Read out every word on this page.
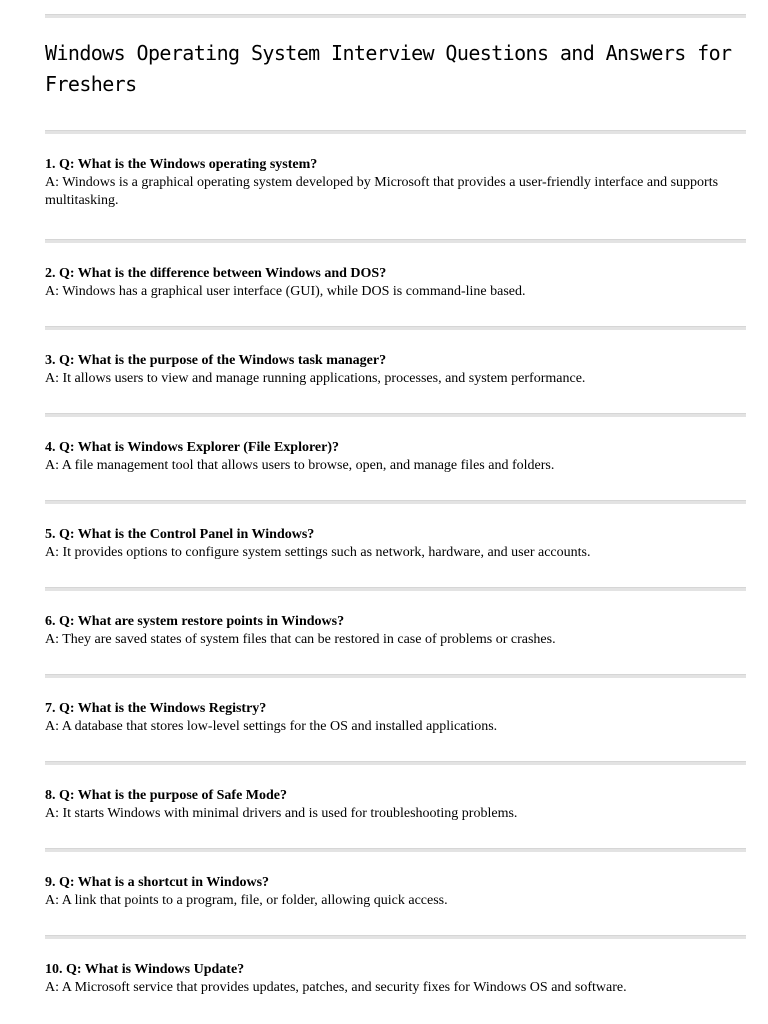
Windows Operating System Interview Questions and Answers for Freshers
1. Q: What is the Windows operating system?
A: Windows is a graphical operating system developed by Microsoft that provides a user-friendly interface and supports multitasking.
2. Q: What is the difference between Windows and DOS?
A: Windows has a graphical user interface (GUI), while DOS is command-line based.
3. Q: What is the purpose of the Windows task manager?
A: It allows users to view and manage running applications, processes, and system performance.
4. Q: What is Windows Explorer (File Explorer)?
A: A file management tool that allows users to browse, open, and manage files and folders.
5. Q: What is the Control Panel in Windows?
A: It provides options to configure system settings such as network, hardware, and user accounts.
6. Q: What are system restore points in Windows?
A: They are saved states of system files that can be restored in case of problems or crashes.
7. Q: What is the Windows Registry?
A: A database that stores low-level settings for the OS and installed applications.
8. Q: What is the purpose of Safe Mode?
A: It starts Windows with minimal drivers and is used for troubleshooting problems.
9. Q: What is a shortcut in Windows?
A: A link that points to a program, file, or folder, allowing quick access.
10. Q: What is Windows Update?
A: A Microsoft service that provides updates, patches, and security fixes for Windows OS and software.
